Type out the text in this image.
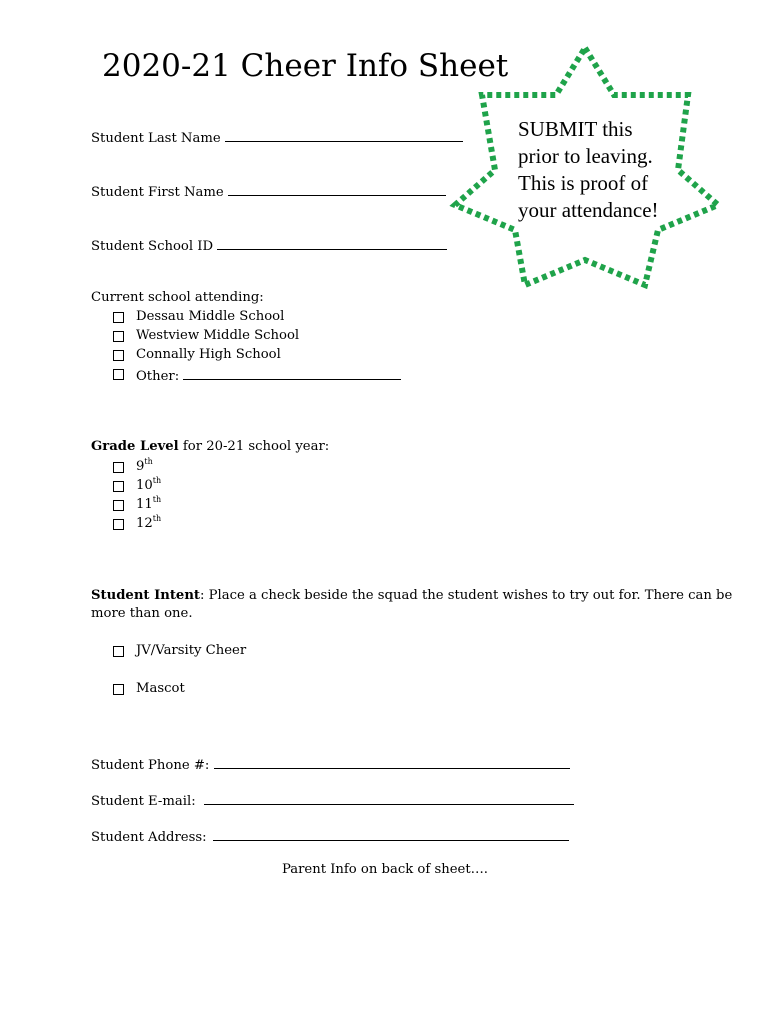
2020-21 Cheer Info Sheet
Student Last Name
Student First Name
Student School ID
SUBMIT this
prior to leaving.
This is proof of
your attendance!
Current school attending:
Dessau Middle School
Westview Middle School
Connally High School
Other:
Grade Level for 20-21 school year:
9th
10th
11th
12th
Student Intent: Place a check beside the squad the student wishes to try out for. There can be
more than one.
JV/Varsity Cheer
Mascot
Student Phone #:
Student E-mail:
Student Address:
Parent Info on back of sheet….
